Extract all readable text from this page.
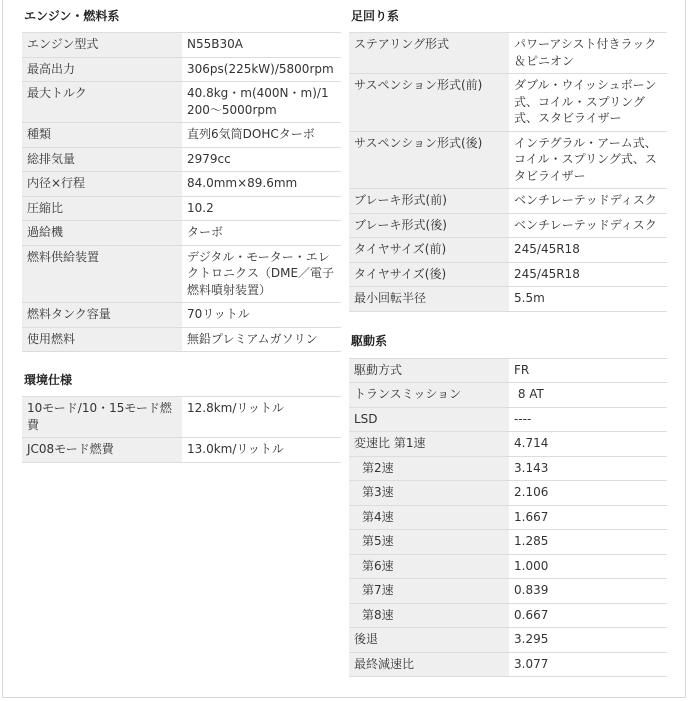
エンジン・燃料系
エンジン型式	N55B30A
最高出力	306ps(225kW)/5800rpm
最大トルク	40.8kg・m(400N・m)/1200～5000rpm
種類	直列6気筒DOHCターボ
総排気量	2979cc
内径×行程	84.0mm×89.6mm
圧縮比	10.2
過給機	ターボ
燃料供給装置	デジタル・モーター・エレクトロニクス（DME／電子燃料噴射装置）
燃料タンク容量	70リットル
使用燃料	無鉛プレミアムガソリン
環境仕様
10モード/10・15モード燃費	12.8km/リットル
JC08モード燃費	13.0km/リットル
足回り系
ステアリング形式	パワーアシスト付きラック＆ピニオン
サスペンション形式(前)	ダブル・ウイッシュボーン式、コイル・スプリング式、スタビライザー
サスペンション形式(後)	インテグラル・アーム式、コイル・スプリング式、スタビライザー
ブレーキ形式(前)	ベンチレーテッドディスク
ブレーキ形式(後)	ベンチレーテッドディスク
タイヤサイズ(前)	245/45R18
タイヤサイズ(後)	245/45R18
最小回転半径	5.5m
駆動系
駆動方式	FR
トランスミッション	8 AT
LSD	----
変速比 第1速	4.714
第2速	3.143
第3速	2.106
第4速	1.667
第5速	1.285
第6速	1.000
第7速	0.839
第8速	0.667
後退	3.295
最終減速比	3.077
